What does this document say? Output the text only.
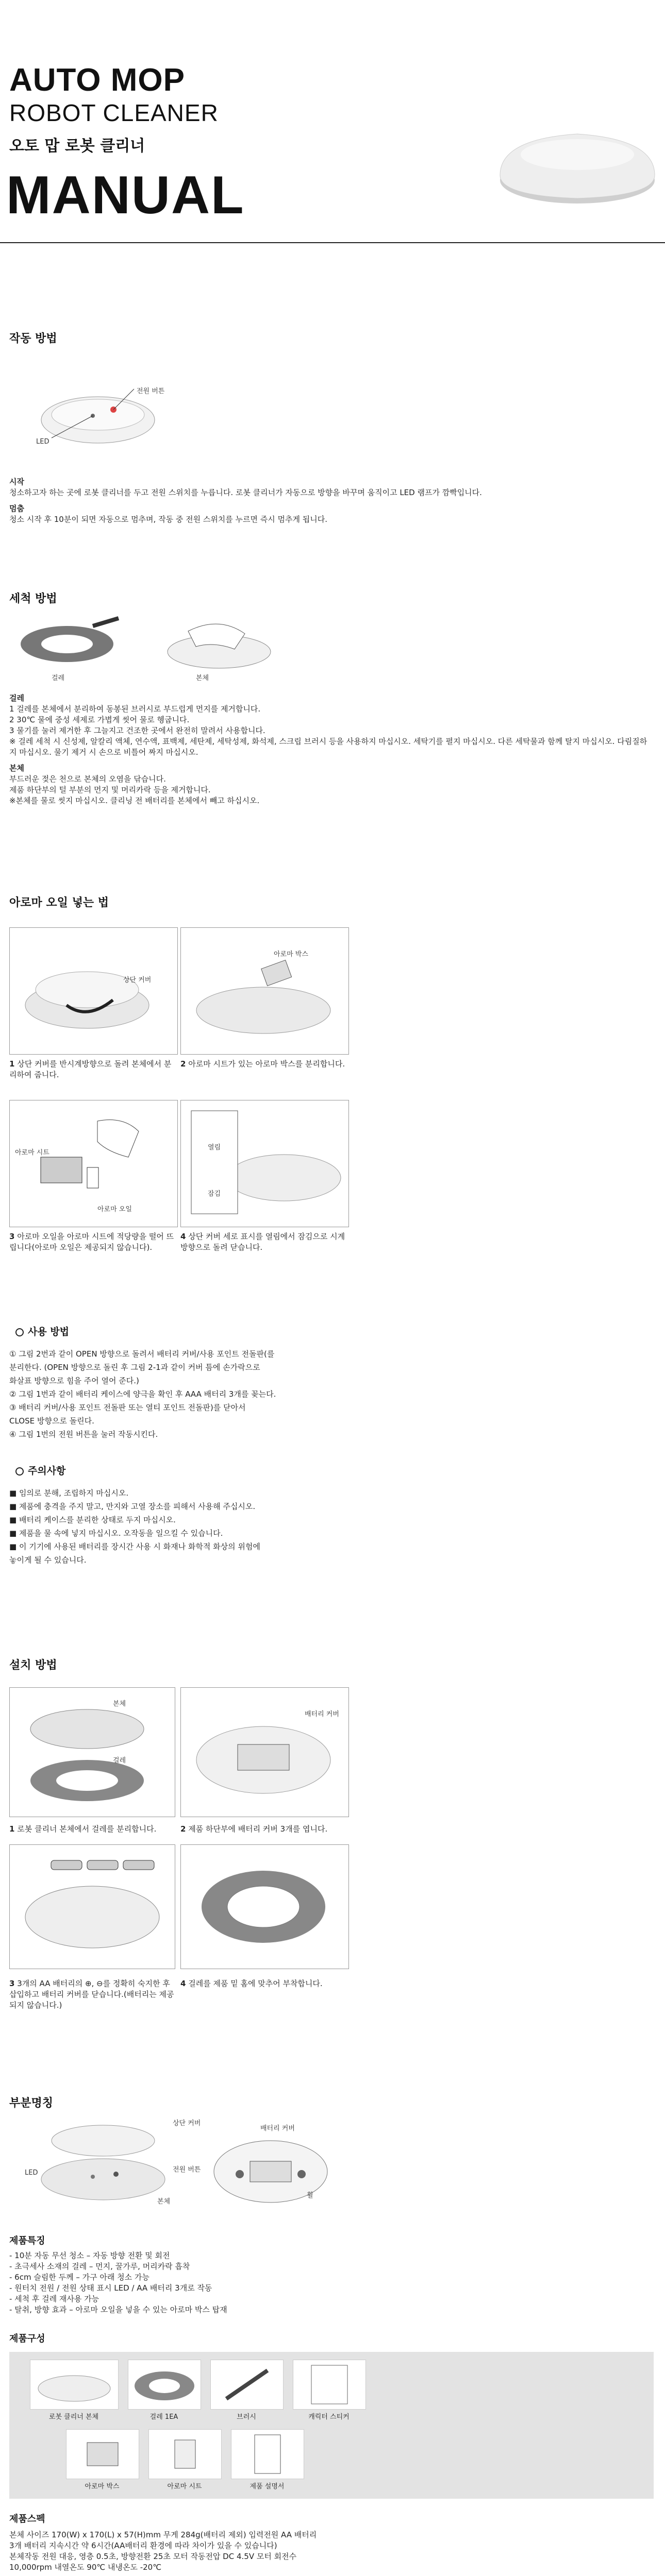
AUTO MOP
ROBOT CLEANER
오토 맙 로봇 클리너
MANUAL
작동 방법
전원 버튼
LED
시작
청소하고자 하는 곳에 로봇 클리너를 두고 전원 스위치를 누릅니다. 로봇 클리너가 자동으로 방향을 바꾸며 움직이고 LED 램프가 깜빡입니다.
멈춤
청소 시작 후 10분이 되면 자동으로 멈추며, 작동 중 전원 스위치를 누르면 즉시 멈추게 됩니다.
세척 방법
걸레	본체
걸레
1 걸레를 본체에서 분리하여 동봉된 브러시로 부드럽게 먼지를 제거합니다.
2 30℃ 물에 중성 세제로 가볍게 씻어 물로 헹굽니다.
3 물기를 눌러 제거한 후 그늘지고 건조한 곳에서 완전히 말려서 사용합니다.
※ 걸레 세척 시 신성제, 알칼리 액체, 연수액, 표백제, 세탄제, 세탁성제, 화석제, 스크립 브러시 등을 사용하지 마십시오. 세탁기를 펼지 마십시오. 다른 세탁물과 함께 탈지 마십시오. 다림질하지 마십시오. 물기 제거 시 손으로 비틀어 짜지 마십시오.
본체
부드러운 젖은 천으로 본체의 오염을 닦습니다.
제품 하단부의 털 부분의 먼지 및 머리카락 등을 제거합니다.
※본체를 물로 씻지 마십시오. 클리닝 전 배터리를 본체에서 빼고 하십시오.
아로마 오일 넣는 법
상단 커버
아로마 박스
1 상단 커버를 반시계방향으로 돌려 본체에서 분리하여 줍니다.
2 아로마 시트가 있는 아로마 박스를 분리합니다.
아로마 시트
아로마 오일
열림
잠김
3 아로마 오일을 아로마 시트에 적당량을 떨어 뜨립니다(아로마 오일은 제공되지 않습니다).
4 상단 커버 세로 표시를 열림에서 잠김으로 시계 방향으로 돌려 닫습니다.
사용 방법
① 그림 2번과 같이 OPEN 방향으로 돌려서 배터리 커버/사용 포인트 전돌판(를
분리한다. (OPEN 방향으로 돌린 후 그림 2-1과 같이 커버 틈에 손가락으로
화살표 방향으로 힘을 주어 열어 준다.)
② 그림 1번과 같이 배터리 케이스에 양극을 확인 후 AAA 배터리 3개를 꽂는다.
③ 배터리 커버/사용 포인트 전돌판 또는 열티 포인트 전돌판)를 닫아서
CLOSE 방향으로 돌린다.
④ 그림 1번의 전원 버튼을 눌러 작동시킨다.
주의사항
■ 임의로 분해, 조립하지 마십시오.
■ 제품에 충격을 주지 말고, 만지와 고열 장소를 피해서 사용해 주십시오.
■ 배터리 케이스를 분리한 상태로 두지 마십시오.
■ 제품을 물 속에 넣지 마십시오. 오작동을 일으킬 수 있습니다.
■ 이 기기에 사용된 배터리를 장시간 사용 시 화재나 화학적 화상의 위험에
놓이게 될 수 있습니다.
설치 방법
본체
걸레
배터리 커버
1 로봇 클리너 본체에서 걸레를 분리합니다.	2 제품 하단부에 배터리 커버 3개를 엽니다.
3 3개의 AA 배터리의 ⊕, ⊖를 정확히 숙지한 후 삽입하고 배터리 커버를 닫습니다.(배터리는 제공되지 않습니다.)
4 걸레를 제품 밑 홈에 맞추어 부착합니다.
부분명칭
상단 커버
LED	전원 버튼
본체
배터리 커버
휠
제품특징
- 10분 자동 무선 청소 – 자동 방향 전환 및 회전
- 초극세사 소재의 걸레 – 먼지, 꿀가루, 머리카락 흡착
- 6cm 슬림한 두께 – 가구 아래 청소 가능
- 원터치 전원 / 전원 상태 표시 LED / AA 배터리 3개로 작동
- 세척 후 걸레 재사용 가능
- 탈취, 방향 효과 – 아로마 오일을 넣을 수 있는 아로마 박스 탑재
제품구성
로봇 클리너 본체	걸레 1EA	브러시	캐릭터 스티커
아로마 박스	아로마 시트	제품 설명서
제품스펙
본체 사이즈 170(W) x 170(L) x 57(H)mm 무게 284g(배터리 제외) 입력전원 AA 배터리
3개 배터리 지속시간 약 6시간(AA배터리 환경에 따라 차이가 있을 수 있습니다)
본체작동 전원 대응, 영층 0.5초, 방향전환 25초 모터 작동전압 DC 4.5V 모터 회전수
10,000rpm 내열온도 90℃ 내냉온도 -20℃
